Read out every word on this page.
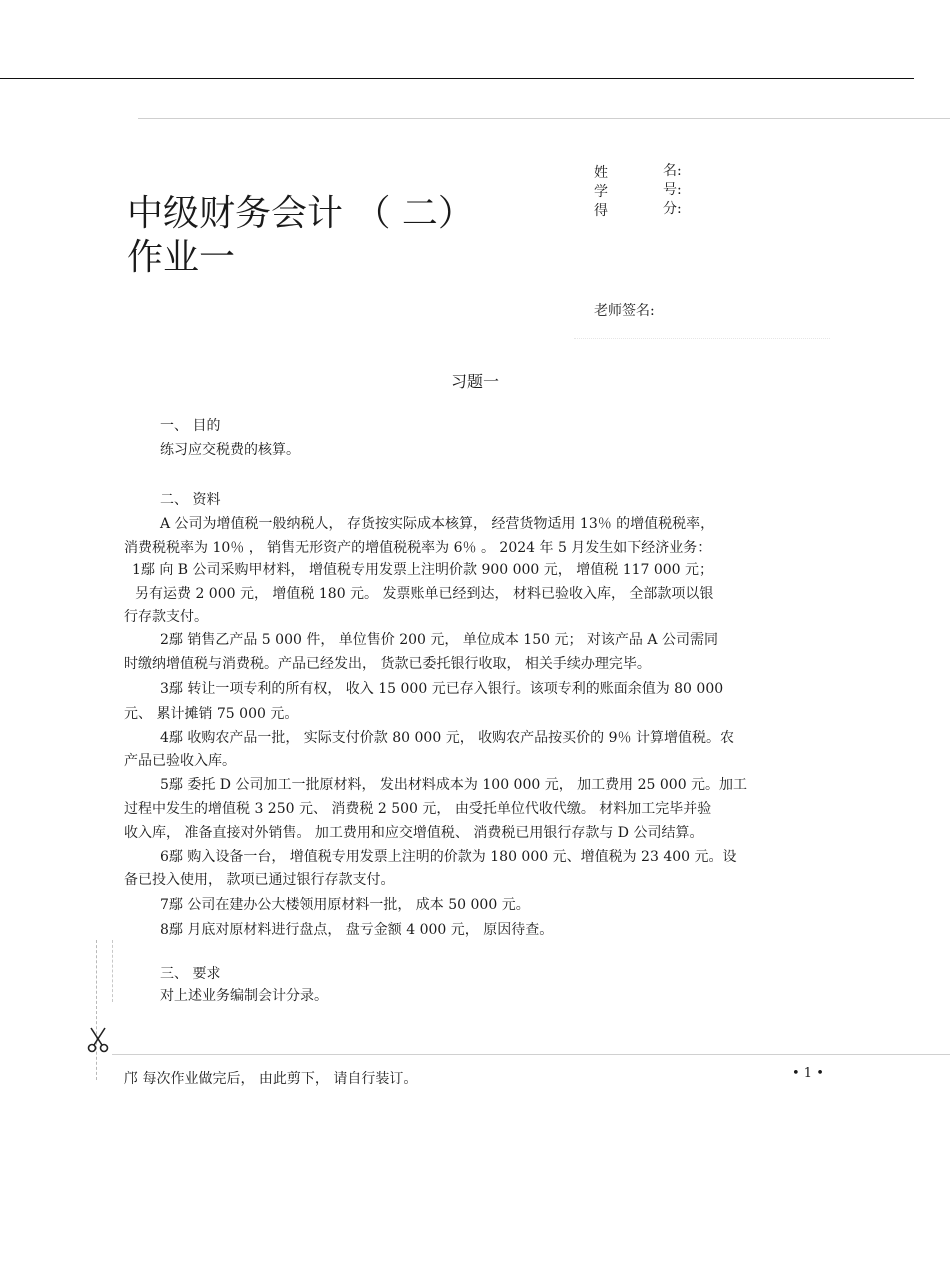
中级财务会计 （ 二）
作业一
姓
学
得
名:
号:
分:
老师签名:
习题一
一、 目的
练习应交税费的核算。
二、 资料
A 公司为增值税一般纳税人， 存货按实际成本核算， 经营货物适用 13％ 的增值税税率，
消费税税率为 10％ ， 销售无形资产的增值税税率为 6％ 。 2024 年 5 月发生如下经济业务：
1鄢 向 B 公司采购甲材料， 增值税专用发票上注明价款 900 000 元， 增值税 117 000 元；
另有运费 2 000 元， 增值税 180 元。 发票账单已经到达， 材料已验收入库， 全部款项以银
行存款支付。
2鄢 销售乙产品 5 000 件， 单位售价 200 元， 单位成本 150 元； 对该产品 A 公司需同
时缴纳增值税与消费税。产品已经发出， 货款已委托银行收取， 相关手续办理完毕。
3鄢 转让一项专利的所有权， 收入 15 000 元已存入银行。该项专利的账面余值为 80 000
元、 累计摊销 75 000 元。
4鄢 收购农产品一批， 实际支付价款 80 000 元， 收购农产品按买价的 9％ 计算增值税。农
产品已验收入库。
5鄢 委托 D 公司加工一批原材料， 发出材料成本为 100 000 元， 加工费用 25 000 元。加工
过程中发生的增值税 3 250 元、 消费税 2 500 元， 由受托单位代收代缴。 材料加工完毕并验
收入库， 准备直接对外销售。 加工费用和应交增值税、 消费税已用银行存款与 D 公司结算。
6鄢 购入设备一台， 增值税专用发票上注明的价款为 180 000 元、增值税为 23 400 元。设
备已投入使用， 款项已通过银行存款支付。
7鄢 公司在建办公大楼领用原材料一批， 成本 50 000 元。
8鄢 月底对原材料进行盘点， 盘亏金额 4 000 元， 原因待查。
三、 要求
对上述业务编制会计分录。
邝 每次作业做完后， 由此剪下， 请自行装订。	• 1 •
